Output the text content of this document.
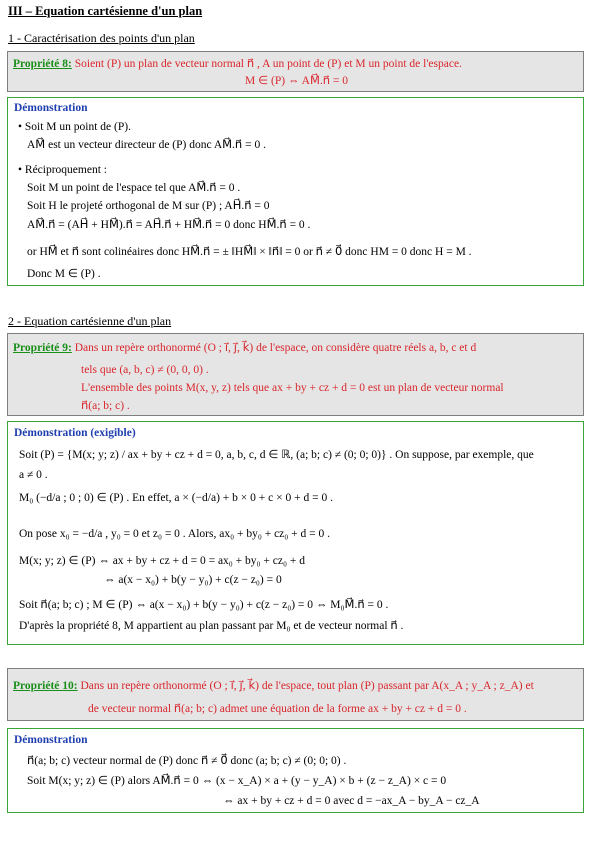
III – Equation cartésienne d'un plan
1 - Caractérisation des points d'un plan
Propriété 8: Soient (P) un plan de vecteur normal n⃗ , A un point de (P) et M un point de l'espace.
M ∈ (P) ⇔ AM⃗.n⃗ = 0
Démonstration
• Soit M un point de (P).
AM⃗ est un vecteur directeur de (P) donc AM⃗.n⃗ = 0 .
• Réciproquement :
Soit M un point de l'espace tel que AM⃗.n⃗ = 0 .
Soit H le projeté orthogonal de M sur (P) ; AH⃗.n⃗ = 0
AM⃗.n⃗ = (AH⃗ + HM⃗).n⃗ = AH⃗.n⃗ + HM⃗.n⃗ = 0 donc HM⃗.n⃗ = 0 .
or HM⃗ et n⃗ sont colinéaires donc HM⃗.n⃗ = ± ‖HM⃗‖ × ‖n⃗‖ = 0 or n⃗ ≠ 0⃗ donc HM = 0 donc H = M .
Donc M ∈ (P) .
2 - Equation cartésienne d'un plan
Propriété 9: Dans un repère orthonormé (O ; i⃗, j⃗, k⃗) de l'espace, on considère quatre réels a, b, c et d
tels que (a, b, c) ≠ (0, 0, 0) .
L'ensemble des points M(x, y, z) tels que ax + by + cz + d = 0 est un plan de vecteur normal
n⃗(a; b; c) .
Démonstration (exigible)
Soit (P) = {M(x; y; z) / ax + by + cz + d = 0, a, b, c, d ∈ ℝ, (a; b; c) ≠ (0; 0; 0)} . On suppose, par exemple, que
a ≠ 0 .
M₀ (−d/a ; 0 ; 0) ∈ (P) . En effet, a × (−d/a) + b × 0 + c × 0 + d = 0 .
On pose x₀ = −d/a , y₀ = 0 et z₀ = 0 . Alors, ax₀ + by₀ + cz₀ + d = 0 .
M(x; y; z) ∈ (P) ⇔ ax + by + cz + d = 0 = ax₀ + by₀ + cz₀ + d
⇔ a(x − x₀) + b(y − y₀) + c(z − z₀) = 0
Soit n⃗(a; b; c) ; M ∈ (P) ⇔ a(x − x₀) + b(y − y₀) + c(z − z₀) = 0 ⇔ M₀M⃗.n⃗ = 0 .
D'après la propriété 8, M appartient au plan passant par M₀ et de vecteur normal n⃗ .
Propriété 10: Dans un repère orthonormé (O ; i⃗, j⃗, k⃗) de l'espace, tout plan (P) passant par A(x_A ; y_A ; z_A) et
de vecteur normal n⃗(a; b; c) admet une équation de la forme ax + by + cz + d = 0 .
Démonstration
n⃗(a; b; c) vecteur normal de (P) donc n⃗ ≠ 0⃗ donc (a; b; c) ≠ (0; 0; 0) .
Soit M(x; y; z) ∈ (P) alors AM⃗.n⃗ = 0 ⇔ (x − x_A) × a + (y − y_A) × b + (z − z_A) × c = 0
⇔ ax + by + cz + d = 0 avec d = −ax_A − by_A − cz_A
